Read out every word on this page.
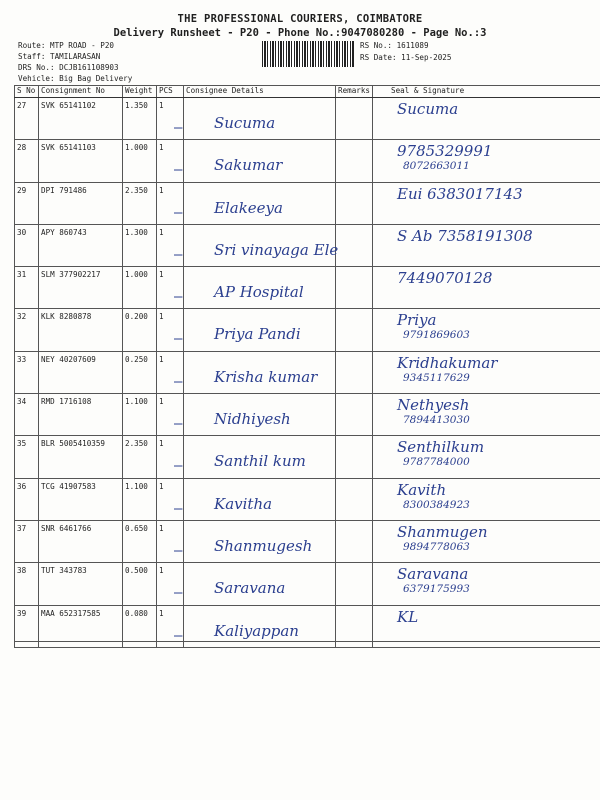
THE PROFESSIONAL COURIERS, COIMBATORE
Delivery Runsheet - P20 - Phone No.:9047080280 - Page No.:3
Route: MTP ROAD - P20
Staff: TAMILARASAN
DRS No.: DCJB161108903
Vehicle: Big Bag Delivery
RS No.: 1611089
RS Date: 11-Sep-2025
S No	Consignment No	Weight	PCS	Consignee Details	Remarks	Seal & Signature
27	SVK 65141102	1.350	1	— Sucuma		Sucuma

28	SVK 65141103	1.000	1	— Sakumar		9785329991
8072663011

29	DPI 791486	2.350	1	— Elakeeya		Eui 6383017143

30	APY 860743	1.300	1	— Sri vinayaga Ele		S Ab 7358191308

31	SLM 377902217	1.000	1	— AP Hospital		7449070128

32	KLK 8280878	0.200	1	— Priya Pandi		Priya
9791869603

33	NEY 40207609	0.250	1	— Krisha kumar		Kridhakumar
9345117629

34	RMD 1716108	1.100	1	— Nidhiyesh		Nethyesh
7894413030

35	BLR 5005410359	2.350	1	— Santhil kum		Senthilkum
9787784000

36	TCG 41907583	1.100	1	— Kavitha		Kavith
8300384923

37	SNR 6461766	0.650	1	— Shanmugesh		Shanmugen
9894778063

38	TUT 343783	0.500	1	— Saravana		Saravana
6379175993

39	MAA 652317585	0.080	1	— Kaliyappan		KL
